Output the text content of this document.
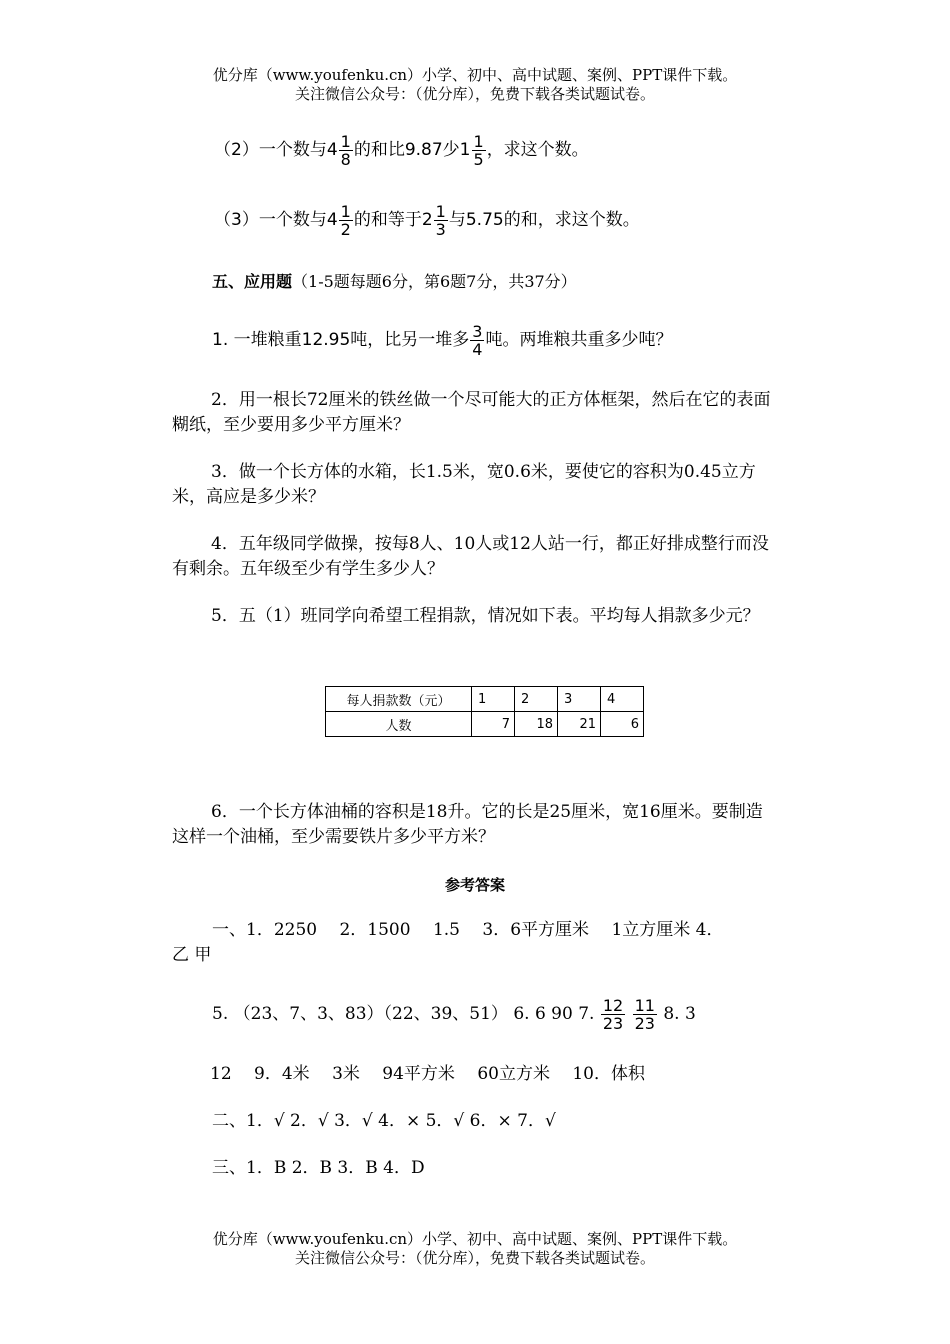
优分库（www.youfenku.cn）小学、初中、高中试题、案例、PPT课件下载。
关注微信公众号：（优分库），免费下载各类试题试卷。
（2）一个数与$4 \frac{1}{8}$ 的和比9.87少$1 \frac{1}{5}$ ，求这个数。
（3）一个数与$4 \frac{1}{2}$ 的和等于$2 \frac{1}{3}$ 与5.75的和，求这个数。
五、应用题（1-5题每题6分，第6题7分，共37分）
1. 一堆粮重12.95吨，比另一堆多 $\frac{3}{4}$ 吨。两堆粮共重多少吨？
2．用一根长72厘米的铁丝做一个尽可能大的正方体框架，然后在它的表面糊纸，至少要用多少平方厘米？
3．做一个长方体的水箱，长1.5米，宽0.6米，要使它的容积为0.45立方米，高应是多少米？
4．五年级同学做操，按每8人、10人或12人站一行，都正好排成整行而没有剩余。五年级至少有学生多少人？
5．五（1）班同学向希望工程捐款，情况如下表。平均每人捐款多少元？
每人捐款数（元）	1	2	3	4
人数	7	18	21	6
6．一个长方体油桶的容积是18升。它的长是25厘米，宽16厘米。要制造这样一个油桶，至少需要铁片多少平方米？
参考答案
一、1．2250　 2．1500　 1.5　 3．6平方厘米　 1立方厘米 4．
乙 甲
5. （23、7、3、83）（22、39、51） 6. 6 90 7. $\frac{12}{23}$
$\frac{11}{23} 8$. 3
12　 9．4米　 3米　 94平方米　 60立方米　 10．体积
二、1．√ 2．√ 3．√ 4．× 5．√ 6．× 7．√
三、1．B 2．B 3．B 4．D
优分库（www.youfenku.cn）小学、初中、高中试题、案例、PPT课件下载。
关注微信公众号：（优分库），免费下载各类试题试卷。
